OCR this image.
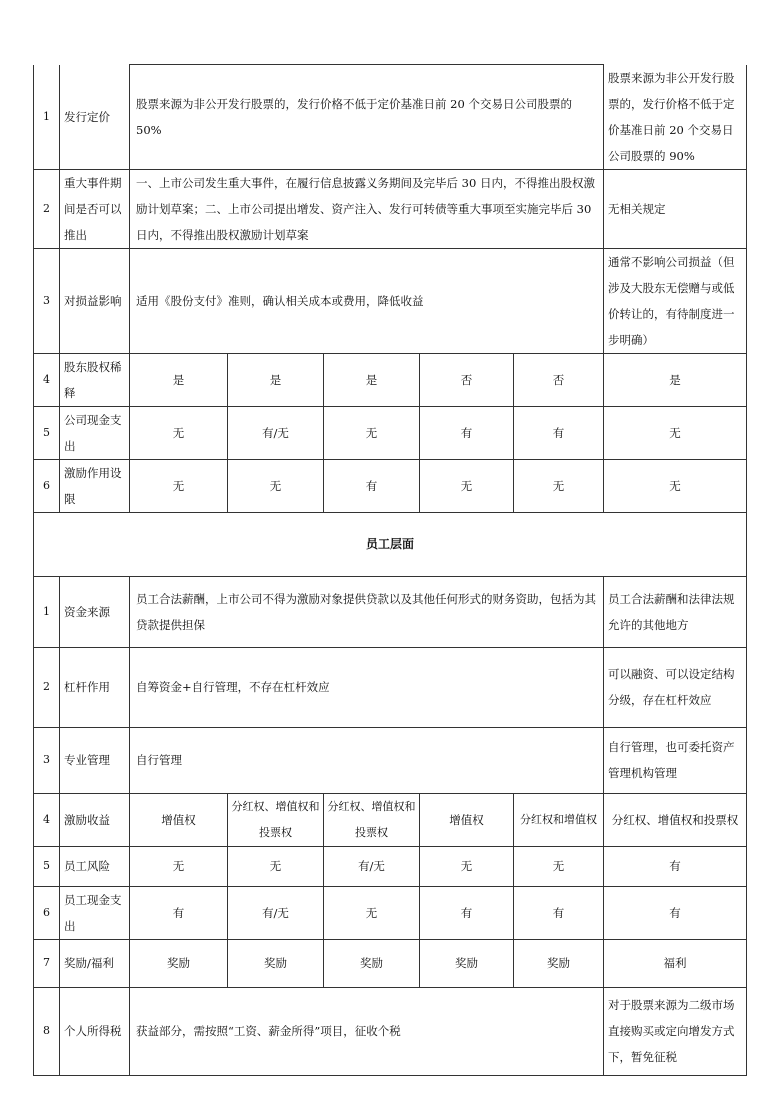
1	发行定价	股票来源为非公开发行股票的，发行价格不低于定价基准日前 20 个交易日公司股票的 50%					股票来源为非公开发行股票的，发行价格不低于定价基准日前 20 个交易日公司股票的 90%
2	重大事件期间是否可以推出	一、上市公司发生重大事件，在履行信息披露义务期间及完毕后 30 日内，不得推出股权激励计划草案；二、上市公司提出增发、资产注入、发行可转债等重大事项至实施完毕后 30 日内，不得推出股权激励计划草案					无相关规定
3	对损益影响	适用《股份支付》准则，确认相关成本或费用，降低收益					通常不影响公司损益（但涉及大股东无偿赠与或低价转让的，有待制度进一步明确）
4	股东股权稀释	是	是	是	否	否	是
5	公司现金支出	无	有/无	无	有	有	无
6	激励作用设限	无	无	有	无	无	无
员工层面							
1	资金来源	员工合法薪酬，上市公司不得为激励对象提供贷款以及其他任何形式的财务资助，包括为其贷款提供担保					员工合法薪酬和法律法规允许的其他地方
2	杠杆作用	自筹资金+自行管理，不存在杠杆效应					可以融资、可以设定结构分级，存在杠杆效应
3	专业管理	自行管理					自行管理，也可委托资产管理机构管理
4	激励收益	增值权	分红权、增值权和投票权	分红权、增值权和投票权	增值权	分红权和增值权	分红权、增值权和投票权
5	员工风险	无	无	有/无	无	无	有
6	员工现金支出	有	有/无	无	有	有	有
7	奖励/福利	奖励	奖励	奖励	奖励	奖励	福利
8	个人所得税	获益部分，需按照“工资、薪金所得”项目，征收个税					对于股票来源为二级市场直接购买或定向增发方式下，暂免征税
